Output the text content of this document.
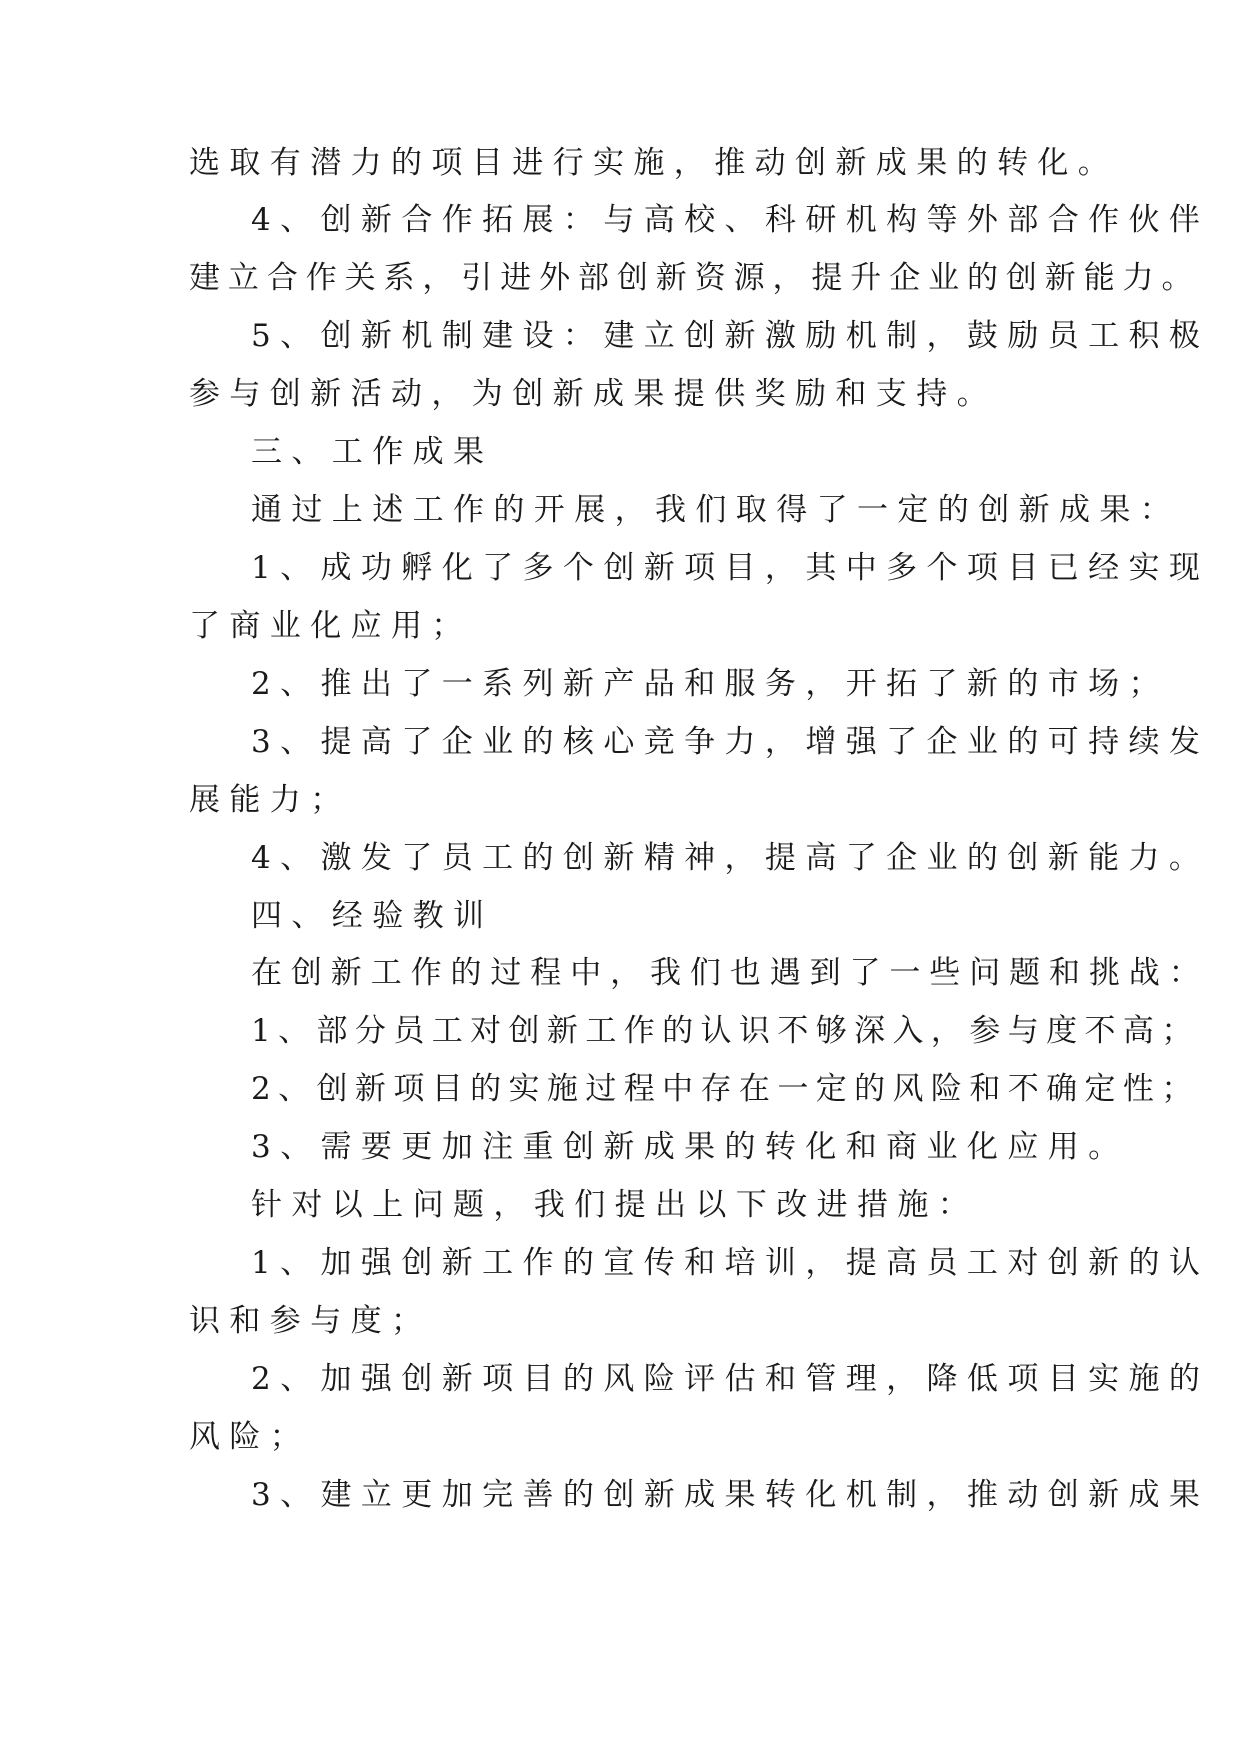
选取有潜力的项目进行实施，推动创新成果的转化。

4、创新合作拓展：与高校、科研机构等外部合作伙伴

建立合作关系，引进外部创新资源，提升企业的创新能力。

5、创新机制建设：建立创新激励机制，鼓励员工积极

参与创新活动，为创新成果提供奖励和支持。

三、工作成果

通过上述工作的开展，我们取得了一定的创新成果：

1、成功孵化了多个创新项目，其中多个项目已经实现

了商业化应用；

2、推出了一系列新产品和服务，开拓了新的市场；

3、提高了企业的核心竞争力，增强了企业的可持续发

展能力；

4、激发了员工的创新精神，提高了企业的创新能力。

四、经验教训

在创新工作的过程中，我们也遇到了一些问题和挑战：

1、部分员工对创新工作的认识不够深入，参与度不高；

2、创新项目的实施过程中存在一定的风险和不确定性；

3、需要更加注重创新成果的转化和商业化应用。

针对以上问题，我们提出以下改进措施：

1、加强创新工作的宣传和培训，提高员工对创新的认

识和参与度；

2、加强创新项目的风险评估和管理，降低项目实施的

风险；

3、建立更加完善的创新成果转化机制，推动创新成果
